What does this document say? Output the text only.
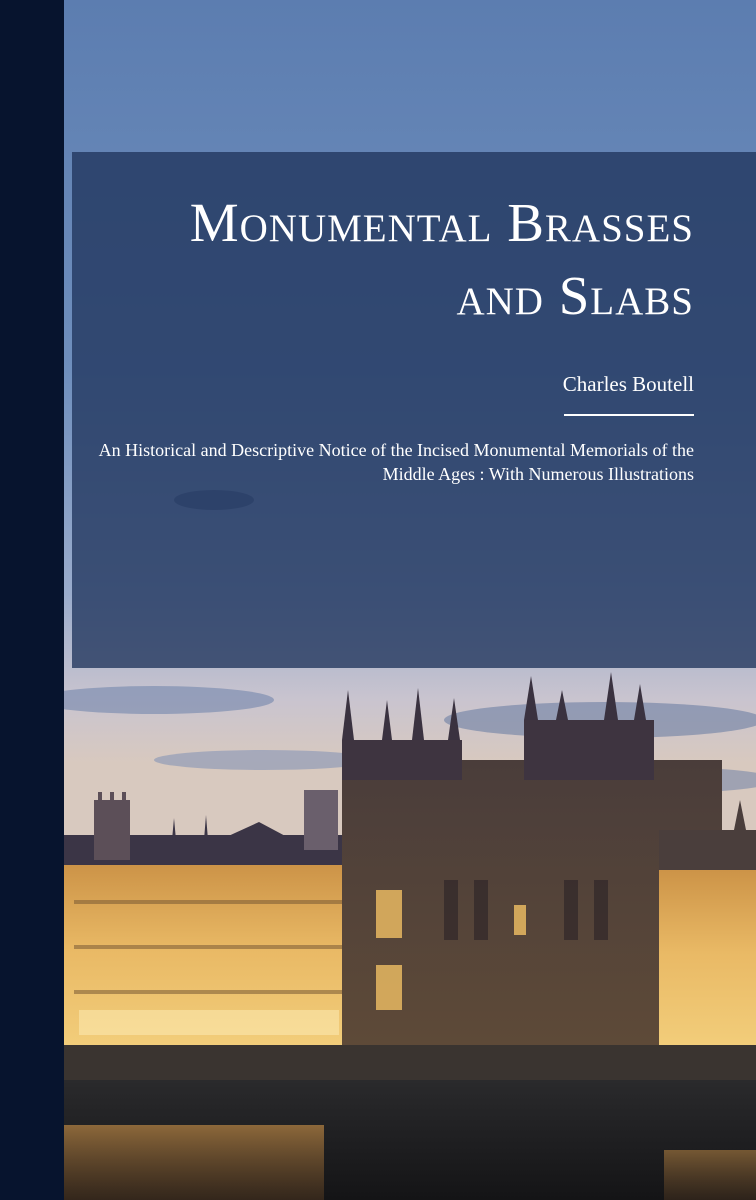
Monumental Brasses and Slabs
Charles Boutell
An Historical and Descriptive Notice of the Incised Monumental Memorials of the Middle Ages : With Numerous Illustrations
